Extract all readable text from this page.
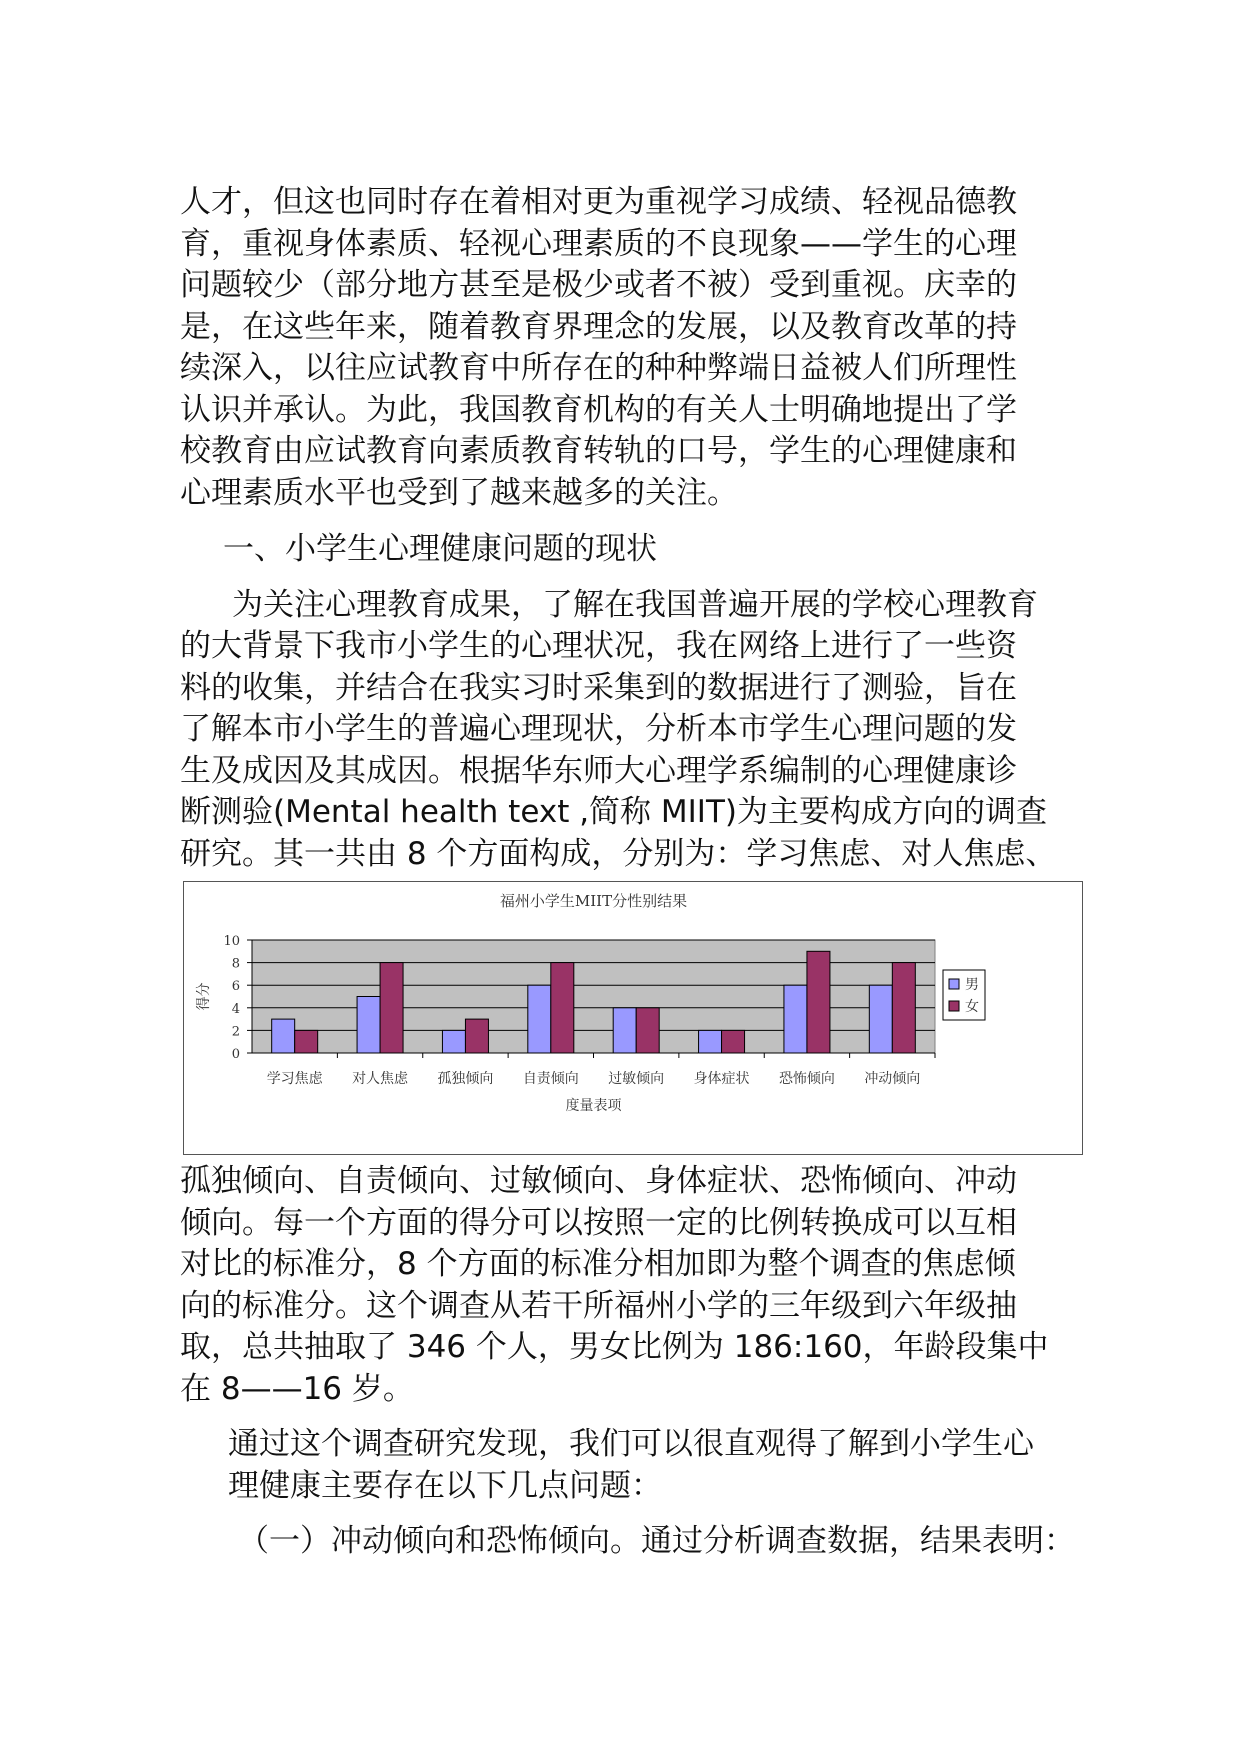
人才，但这也同时存在着相对更为重视学习成绩、轻视品德教
育，重视身体素质、轻视心理素质的不良现象——学生的心理
问题较少（部分地方甚至是极少或者不被）受到重视。庆幸的
是，在这些年来，随着教育界理念的发展，以及教育改革的持
续深入，以往应试教育中所存在的种种弊端日益被人们所理性
认识并承认。为此，我国教育机构的有关人士明确地提出了学
校教育由应试教育向素质教育转轨的口号，学生的心理健康和
心理素质水平也受到了越来越多的关注。

一、小学生心理健康问题的现状

为关注心理教育成果，了解在我国普遍开展的学校心理教育
的大背景下我市小学生的心理状况，我在网络上进行了一些资
料的收集，并结合在我实习时采集到的数据进行了测验，旨在
了解本市小学生的普遍心理现状，分析本市学生心理问题的发
生及成因及其成因。根据华东师大心理学系编制的心理健康诊
断测验(Mental health text ,简称 MIIT)为主要构成方向的调查
研究。其一共由 8 个方面构成，分别为：学习焦虑、对人焦虑、

福州小学生MIIT分性别结果
0
2
4
6
8
10
学习焦虑 对人焦虑 孤独倾向 自责倾向 过敏倾向 身体症状 恐怖倾向 冲动倾向
度量表项
得分	男
女

孤独倾向、自责倾向、过敏倾向、身体症状、恐怖倾向、冲动
倾向。每一个方面的得分可以按照一定的比例转换成可以互相
对比的标准分，8 个方面的标准分相加即为整个调查的焦虑倾
向的标准分。这个调查从若干所福州小学的三年级到六年级抽
取，总共抽取了 346 个人，男女比例为 186:160，年龄段集中
在 8——16 岁。

通过这个调查研究发现，我们可以很直观得了解到小学生心
理健康主要存在以下几点问题：

（一）冲动倾向和恐怖倾向。通过分析调查数据，结果表明：
